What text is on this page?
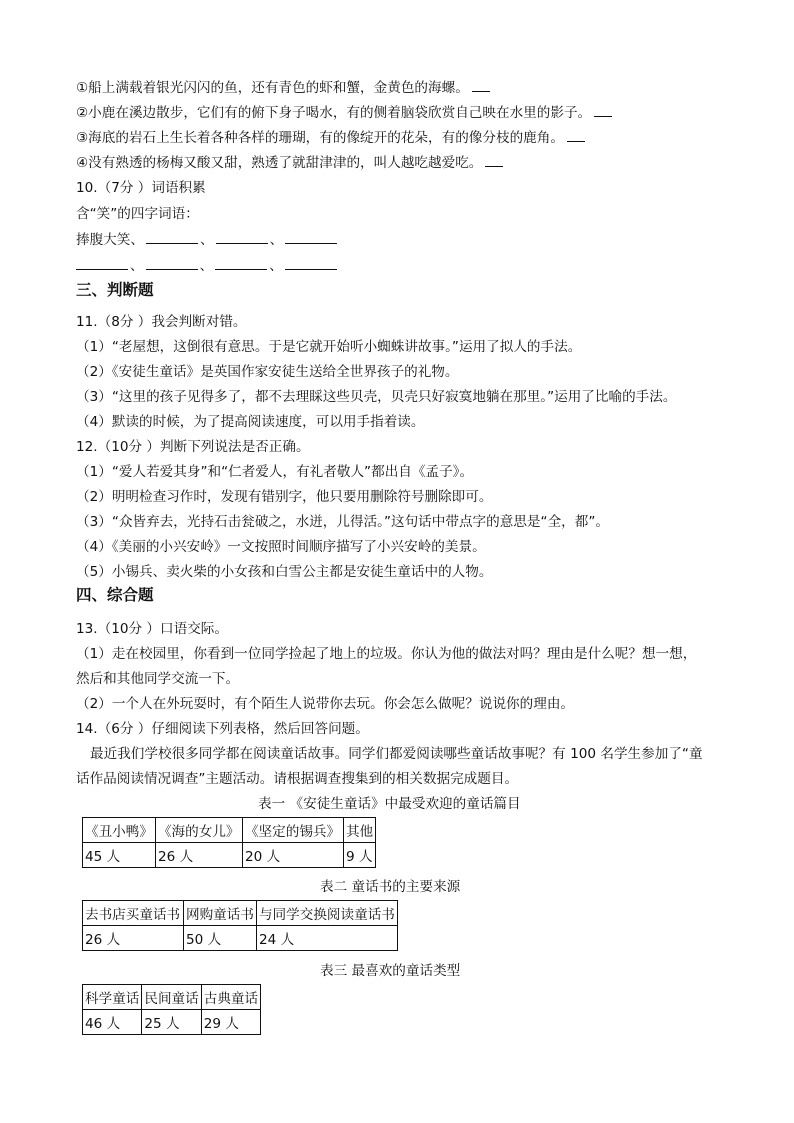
①船上满载着银光闪闪的鱼，还有青色的虾和蟹，金黄色的海螺。
②小鹿在溪边散步，它们有的俯下身子喝水，有的侧着脑袋欣赏自己映在水里的影子。
③海底的岩石上生长着各种各样的珊瑚，有的像绽开的花朵，有的像分枝的鹿角。
④没有熟透的杨梅又酸又甜，熟透了就甜津津的，叫人越吃越爱吃。
10.（7分 ）词语积累
含“笑”的四字词语：
捧腹大笑、	、	、
、	、	、
三、判断题
11.（8分 ）我会判断对错。
（1）“老屋想，这倒很有意思。于是它就开始听小蜘蛛讲故事。”运用了拟人的手法。
（2）《安徒生童话》是英国作家安徒生送给全世界孩子的礼物。
（3）“这里的孩子见得多了，都不去理睬这些贝壳，贝壳只好寂寞地躺在那里。”运用了比喻的手法。
（4）默读的时候，为了提高阅读速度，可以用手指着读。
12.（10分 ）判断下列说法是否正确。
（1）“爱人若爱其身”和“仁者爱人，有礼者敬人”都出自《孟子》。
（2）明明检查习作时，发现有错别字，他只要用删除符号删除即可。
（3）“众皆弃去，光持石击瓮破之，水迸，儿得活。”这句话中带点字的意思是“全，都”。
（4）《美丽的小兴安岭》一文按照时间顺序描写了小兴安岭的美景。
（5）小锡兵、卖火柴的小女孩和白雪公主都是安徒生童话中的人物。
四、综合题
13.（10分 ）口语交际。
（1）走在校园里，你看到一位同学捡起了地上的垃圾。你认为他的做法对吗？理由是什么呢？想一想，
然后和其他同学交流一下。
（2）一个人在外玩耍时，有个陌生人说带你去玩。你会怎么做呢？说说你的理由。
14.（6分 ）仔细阅读下列表格，然后回答问题。
最近我们学校很多同学都在阅读童话故事。同学们都爱阅读哪些童话故事呢？有 100 名学生参加了“童
话作品阅读情况调查”主题活动。请根据调查搜集到的相关数据完成题目。
表一 《安徒生童话》中最受欢迎的童话篇目
《丑小鸭》	《海的女儿》	《坚定的锡兵》	其他
45 人	26 人	20 人	9 人
表二 童话书的主要来源
去书店买童话书	网购童话书	与同学交换阅读童话书
26 人	50 人	24 人
表三 最喜欢的童话类型
科学童话	民间童话	古典童话
46 人	25 人	29 人
